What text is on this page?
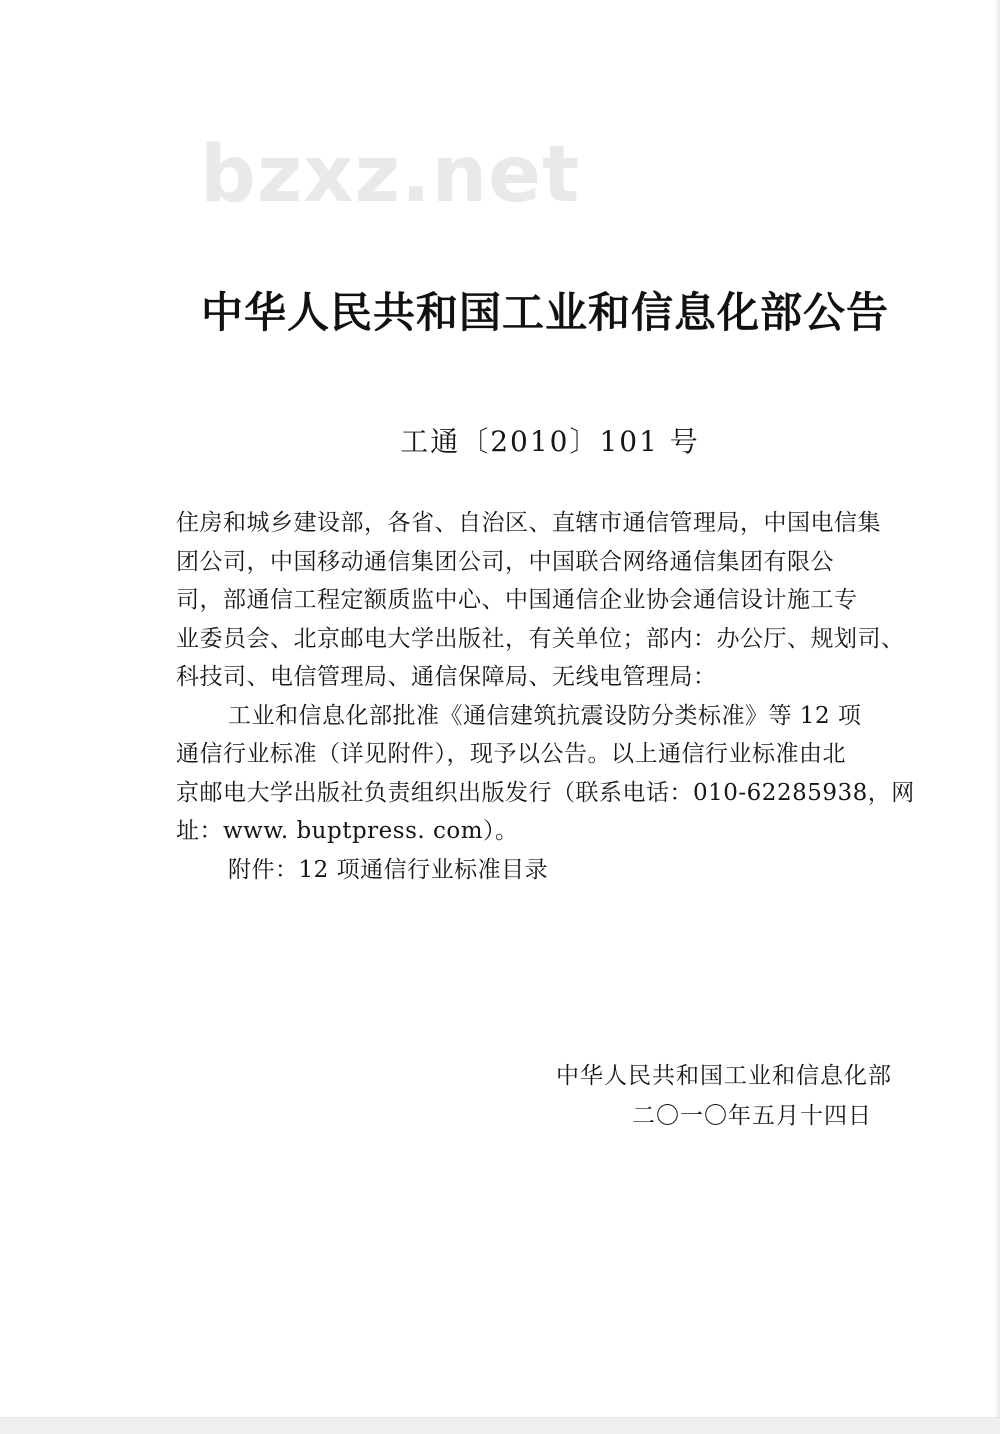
bzxz.net
中华人民共和国工业和信息化部公告
工通〔2010〕101 号
住房和城乡建设部，各省、自治区、直辖市通信管理局，中国电信集
团公司，中国移动通信集团公司，中国联合网络通信集团有限公
司，部通信工程定额质监中心、中国通信企业协会通信设计施工专
业委员会、北京邮电大学出版社，有关单位；部内：办公厅、规划司、
科技司、电信管理局、通信保障局、无线电管理局：
工业和信息化部批准《通信建筑抗震设防分类标准》等 12 项
通信行业标准（详见附件），现予以公告。以上通信行业标准由北
京邮电大学出版社负责组织出版发行（联系电话：010-62285938，网
址：www. buptpress. com）。
附件：12 项通信行业标准目录
中华人民共和国工业和信息化部
二〇一〇年五月十四日
